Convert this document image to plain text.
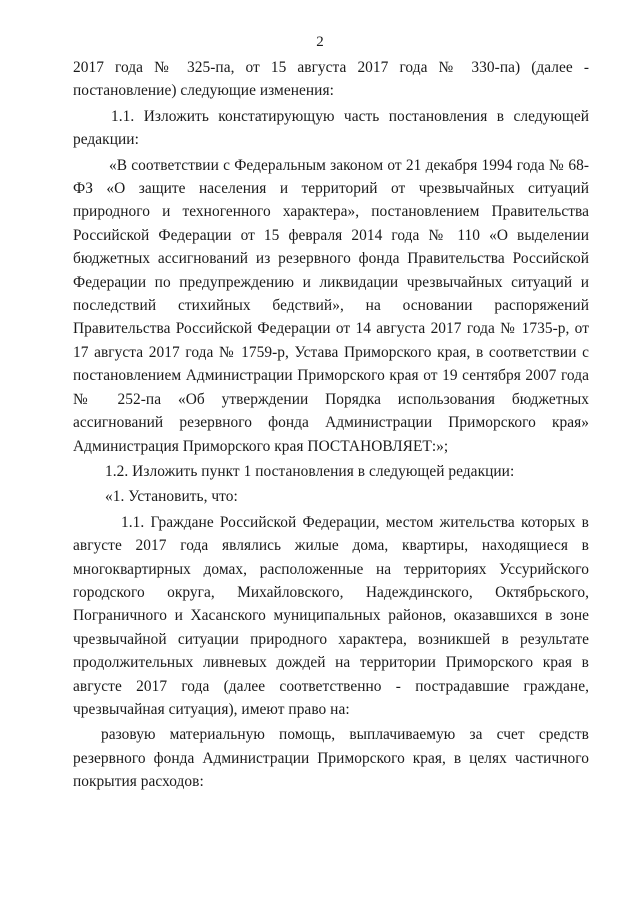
2

2017 года № 325-па, от 15 августа 2017 года № 330-па) (далее - постановление) следующие изменения:

1.1. Изложить констатирующую часть постановления в следующей редакции:

«В соответствии с Федеральным законом от 21 декабря 1994 года № 68-ФЗ «О защите населения и территорий от чрезвычайных ситуаций природного и техногенного характера», постановлением Правительства Российской Федерации от 15 февраля 2014 года № 110 «О выделении бюджетных ассигнований из резервного фонда Правительства Российской Федерации по предупреждению и ликвидации чрезвычайных ситуаций и последствий стихийных бедствий», на основании распоряжений Правительства Российской Федерации от 14 августа 2017 года № 1735-р, от 17 августа 2017 года № 1759-р, Устава Приморского края, в соответствии с постановлением Администрации Приморского края от 19 сентября 2007 года № 252-па «Об утверждении Порядка использования бюджетных ассигнований резервного фонда Администрации Приморского края» Администрация Приморского края ПОСТАНОВЛЯЕТ:»;

1.2. Изложить пункт 1 постановления в следующей редакции:

«1. Установить, что:

1.1. Граждане Российской Федерации, местом жительства которых в августе 2017 года являлись жилые дома, квартиры, находящиеся в многоквартирных домах, расположенные на территориях Уссурийского городского округа, Михайловского, Надеждинского, Октябрьского, Пограничного и Хасанского муниципальных районов, оказавшихся в зоне чрезвычайной ситуации природного характера, возникшей в результате продолжительных ливневых дождей на территории Приморского края в августе 2017 года (далее соответственно - пострадавшие граждане, чрезвычайная ситуация), имеют право на:

разовую материальную помощь, выплачиваемую за счет средств резервного фонда Администрации Приморского края, в целях частичного покрытия расходов:
